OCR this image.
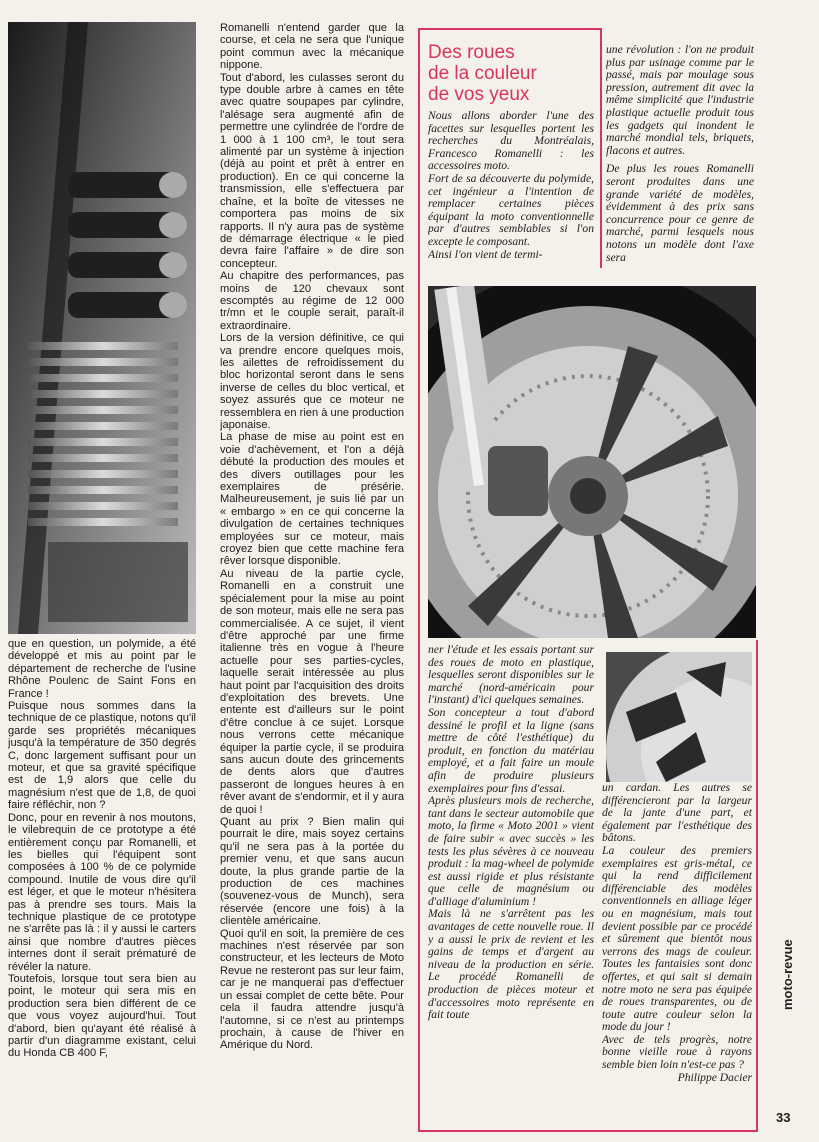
que en question, un polymide, a été développé et mis au point par le département de recherche de l'usine Rhône Poulenc de Saint Fons en France !

Puisque nous sommes dans la technique de ce plastique, notons qu'il garde ses propriétés mécaniques jusqu'à la température de 350 degrés C, donc largement suffisant pour un moteur, et que sa gravité spécifique est de 1,9 alors que celle du magnésium n'est que de 1,8, de quoi faire réfléchir, non ?

Donc, pour en revenir à nos moutons, le vilebrequin de ce prototype a été entièrement conçu par Romanelli, et les bielles qui l'équipent sont composées à 100 % de ce polymide compound. Inutile de vous dire qu'il est léger, et que le moteur n'hésitera pas à prendre ses tours. Mais la technique plastique de ce prototype ne s'arrête pas là : il y aussi le carters ainsi que nombre d'autres pièces internes dont il serait prématuré de révéler la nature.

Toutefois, lorsque tout sera bien au point, le moteur qui sera mis en production sera bien différent de ce que vous voyez aujourd'hui. Tout d'abord, bien qu'ayant été réalisé à partir d'un diagramme existant, celui du Honda CB 400 F,

Romanelli n'entend garder que la course, et cela ne sera que l'unique point commun avec la mécanique nippone.

Tout d'abord, les culasses seront du type double arbre à cames en tête avec quatre soupapes par cylindre, l'alésage sera augmenté afin de permettre une cylindrée de l'ordre de 1 000 à 1 100 cm³, le tout sera alimenté par un système à injection (déjà au point et prêt à entrer en production). En ce qui concerne la transmission, elle s'effectuera par chaîne, et la boîte de vitesses ne comportera pas moins de six rapports. Il n'y aura pas de système de démarrage électrique « le pied devra faire l'affaire » de dire son concepteur.

Au chapitre des performances, pas moins de 120 chevaux sont escomptés au régime de 12 000 tr/mn et le couple serait, paraît-il extraordinaire.

Lors de la version définitive, ce qui va prendre encore quelques mois, les ailettes de refroidissement du bloc horizontal seront dans le sens inverse de celles du bloc vertical, et soyez assurés que ce moteur ne ressemblera en rien à une production japonaise.

La phase de mise au point est en voie d'achèvement, et l'on a déjà débuté la production des moules et des divers outillages pour les exemplaires de présérie. Malheureusement, je suis lié par un « embargo » en ce qui concerne la divulgation de certaines techniques employées sur ce moteur, mais croyez bien que cette machine fera rêver lorsque disponible.

Au niveau de la partie cycle, Romanelli en a construit une spécialement pour la mise au point de son moteur, mais elle ne sera pas commercialisée. A ce sujet, il vient d'être approché par une firme italienne très en vogue à l'heure actuelle pour ses parties-cycles, laquelle serait intéressée au plus haut point par l'acquisition des droits d'exploitation des brevets. Une entente est d'ailleurs sur le point d'être conclue à ce sujet. Lorsque nous verrons cette mécanique équiper la partie cycle, il se produira sans aucun doute des grincements de dents alors que d'autres passeront de longues heures à en rêver avant de s'endormir, et il y aura de quoi !

Quant au prix ? Bien malin qui pourrait le dire, mais soyez certains qu'il ne sera pas à la portée du premier venu, et que sans aucun doute, la plus grande partie de la production de ces machines (souvenez-vous de Munch), sera réservée (encore une fois) à la clientèle américaine.

Quoi qu'il en soit, la première de ces machines n'est réservée par son constructeur, et les lecteurs de Moto Revue ne resteront pas sur leur faim, car je ne manquerai pas d'effectuer un essai complet de cette bête. Pour cela il faudra attendre jusqu'à l'automne, si ce n'est au printemps prochain, à cause de l'hiver en Amérique du Nord.

Des roues
de la couleur
de vos yeux

Nous allons aborder l'une des facettes sur lesquelles portent les recherches du Montréalais, Francesco Romanelli : les accessoires moto.

Fort de sa découverte du polymide, cet ingénieur a l'intention de remplacer certaines pièces équipant la moto conventionnelle par d'autres semblables si l'on excepte le composant.

Ainsi l'on vient de termi-

une révolution : l'on ne produit plus par usinage comme par le passé, mais par moulage sous pression, autrement dit avec la même simplicité que l'industrie plastique actuelle produit tous les gadgets qui inondent le marché mondial tels, briquets, flacons et autres.

De plus les roues Romanelli seront produites dans une grande variété de modèles, évidemment à des prix sans concurrence pour ce genre de marché, parmi lesquels nous notons un modèle dont l'axe sera

ner l'étude et les essais portant sur des roues de moto en plastique, lesquelles seront disponibles sur le marché (nord-américain pour l'instant) d'ici quelques semaines.

Son concepteur a tout d'abord dessiné le profil et la ligne (sans mettre de côté l'esthétique) du produit, en fonction du matériau employé, et a fait faire un moule afin de produire plusieurs exemplaires pour fins d'essai.

Après plusieurs mois de recherche, tant dans le secteur automobile que moto, la firme « Moto 2001 » vient de faire subir « avec succès » les tests les plus sévères à ce nouveau produit : la mag-wheel de polymide est aussi rigide et plus résistante que celle de magnésium ou d'alliage d'aluminium !

Mais là ne s'arrêtent pas les avantages de cette nouvelle roue. Il y a aussi le prix de revient et les gains de temps et d'argent au niveau de la production en série. Le procédé Romanelli de production de pièces moteur et d'accessoires moto représente en fait toute

un cardan. Les autres se différencieront par la largeur de la jante d'une part, et également par l'esthétique des bâtons.

La couleur des premiers exemplaires est gris-métal, ce qui la rend difficilement différenciable des modèles conventionnels en alliage léger ou en magnésium, mais tout devient possible par ce procédé et sûrement que bientôt nous verrons des mags de couleur. Toutes les fantaisies sont donc offertes, et qui sait si demain notre moto ne sera pas équipée de roues transparentes, ou de toute autre couleur selon la mode du jour !

Avec de tels progrès, notre bonne vieille roue à rayons semble bien loin n'est-ce pas ?

Philippe Dacier

moto-revue
33
